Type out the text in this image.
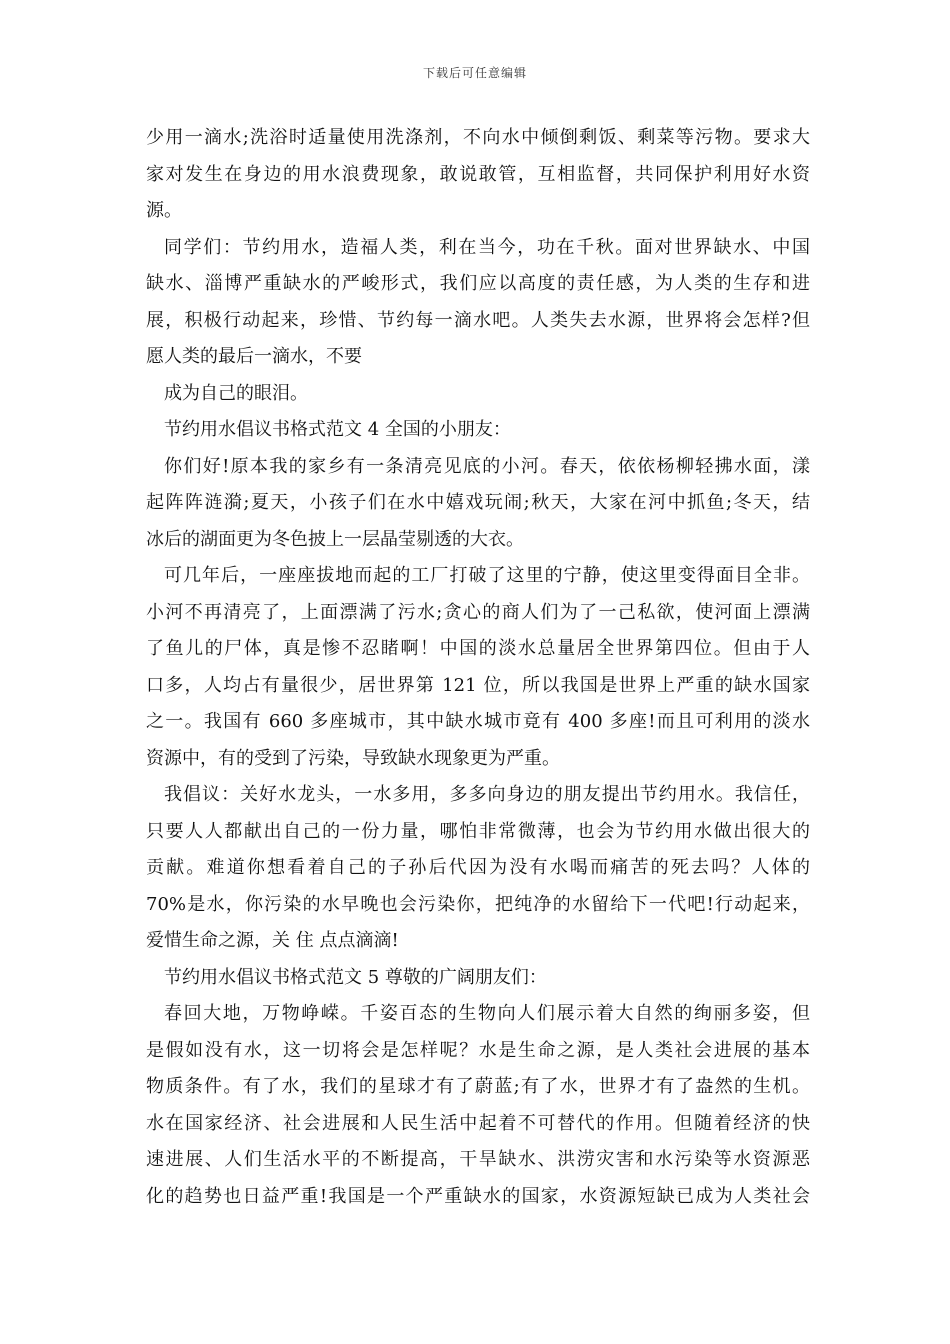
下载后可任意编辑
少用一滴水;洗浴时适量使用洗涤剂，不向水中倾倒剩饭、剩菜等污物。要求大
家对发生在身边的用水浪费现象，敢说敢管，互相监督，共同保护利用好水资
源。
同学们：节约用水，造福人类，利在当今，功在千秋。面对世界缺水、中国
缺水、淄博严重缺水的严峻形式，我们应以高度的责任感，为人类的生存和进
展，积极行动起来，珍惜、节约每一滴水吧。人类失去水源，世界将会怎样?但
愿人类的最后一滴水，不要
成为自己的眼泪。
节约用水倡议书格式范文 4 全国的小朋友：
你们好!原本我的家乡有一条清亮见底的小河。春天，依依杨柳轻拂水面，漾
起阵阵涟漪;夏天，小孩子们在水中嬉戏玩闹;秋天，大家在河中抓鱼;冬天，结
冰后的湖面更为冬色披上一层晶莹剔透的大衣。
可几年后，一座座拔地而起的工厂打破了这里的宁静，使这里变得面目全非。
小河不再清亮了，上面漂满了污水;贪心的商人们为了一己私欲，使河面上漂满
了鱼儿的尸体，真是惨不忍睹啊！中国的淡水总量居全世界第四位。但由于人
口多，人均占有量很少，居世界第 121 位，所以我国是世界上严重的缺水国家
之一。我国有 660 多座城市，其中缺水城市竟有 400 多座!而且可利用的淡水
资源中，有的受到了污染，导致缺水现象更为严重。
我倡议：关好水龙头，一水多用，多多向身边的朋友提出节约用水。我信任，
只要人人都献出自己的一份力量，哪怕非常微薄，也会为节约用水做出很大的
贡献。难道你想看着自己的子孙后代因为没有水喝而痛苦的死去吗？人体的
70%是水，你污染的水早晚也会污染你，把纯净的水留给下一代吧!行动起来，
爱惜生命之源，关 住 点点滴滴!
节约用水倡议书格式范文 5 尊敬的广阔朋友们：
春回大地，万物峥嵘。千姿百态的生物向人们展示着大自然的绚丽多姿，但
是假如没有水，这一切将会是怎样呢？水是生命之源，是人类社会进展的基本
物质条件。有了水，我们的星球才有了蔚蓝;有了水，世界才有了盎然的生机。
水在国家经济、社会进展和人民生活中起着不可替代的作用。但随着经济的快
速进展、人们生活水平的不断提高，干旱缺水、洪涝灾害和水污染等水资源恶
化的趋势也日益严重!我国是一个严重缺水的国家，水资源短缺已成为人类社会
